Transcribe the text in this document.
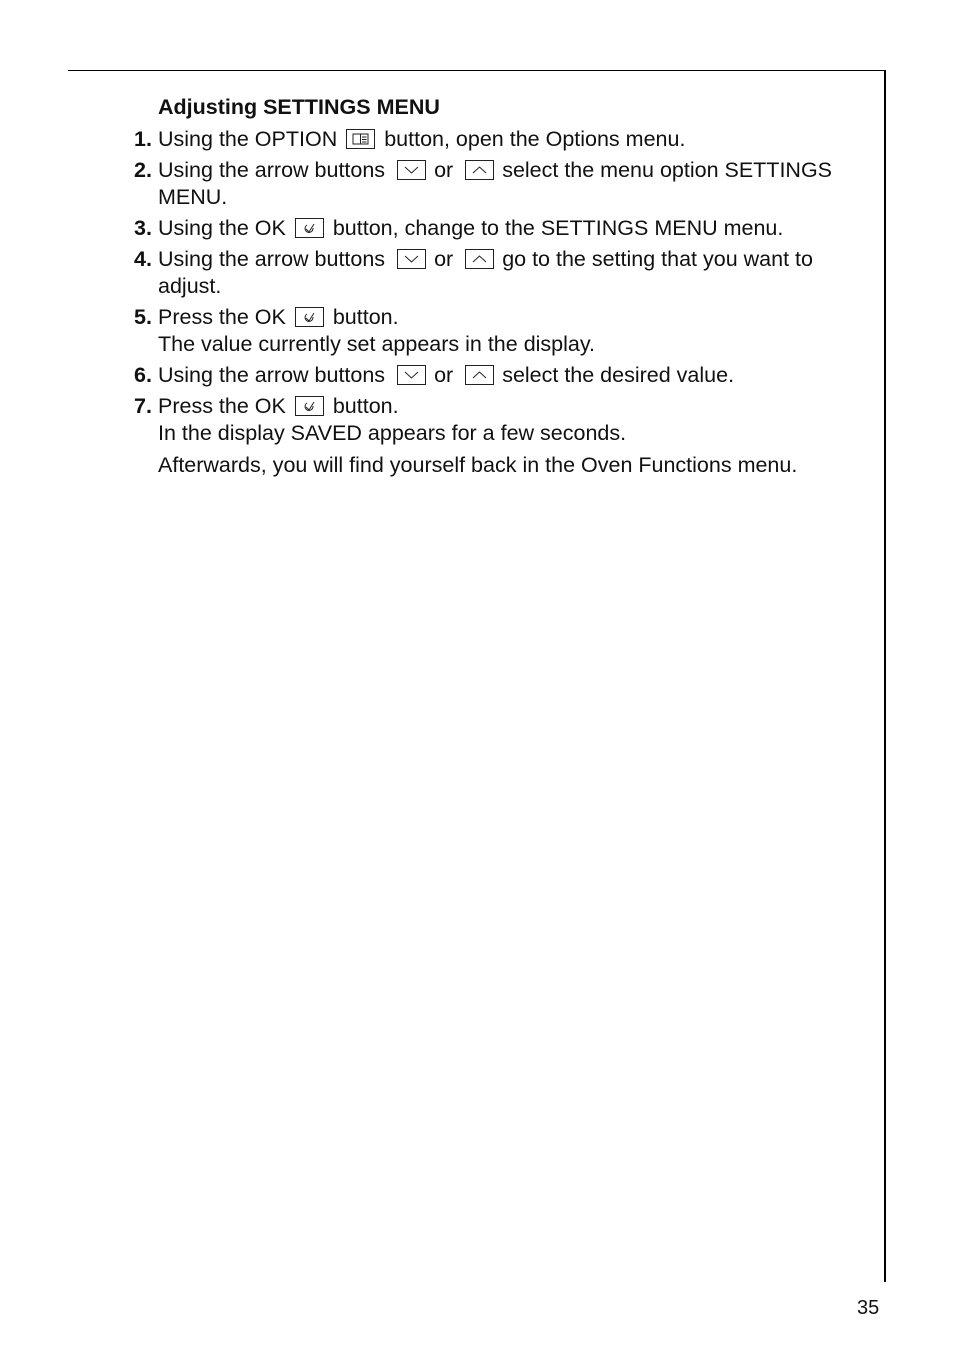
Adjusting SETTINGS MENU
1. Using the OPTION button, open the Options menu.
2. Using the arrow buttons or select the menu option SETTINGS MENU.
3. Using the OK button, change to the SETTINGS MENU menu.
4. Using the arrow buttons or go to the setting that you want to adjust.
5. Press the OK button.
The value currently set appears in the display.
6. Using the arrow buttons or select the desired value.
7. Press the OK button.
In the display SAVED appears for a few seconds.
Afterwards, you will find yourself back in the Oven Functions menu.
35
